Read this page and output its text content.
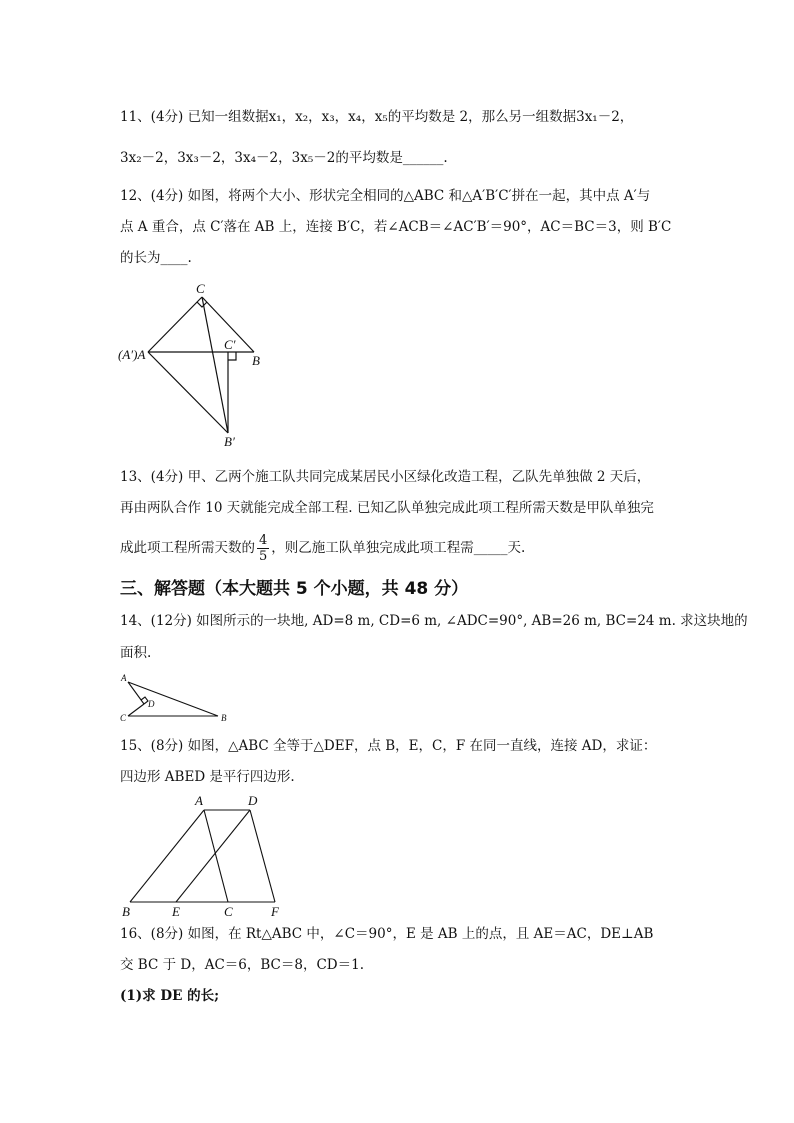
11、(4分) 已知一组数据x₁，x₂，x₃，x₄，x₅的平均数是 2，那么另一组数据3x₁－2，
3x₂－2，3x₃－2，3x₄－2，3x₅－2的平均数是______.
12、(4分) 如图，将两个大小、形状完全相同的△ABC 和△A′B′C′拼在一起，其中点 A′与
点 A 重合，点 C′落在 AB 上，连接 B′C，若∠ACB＝∠AC′B′＝90°，AC＝BC＝3，则 B′C
的长为____.
C
(A′)A	B
C′
B′
13、(4分) 甲、乙两个施工队共同完成某居民小区绿化改造工程，乙队先单独做 2 天后，
再由两队合作 10 天就能完成全部工程. 已知乙队单独完成此项工程所需天数是甲队单独完
成此项工程所需天数的 $\frac{4}{5}$ ，则乙施工队单独完成此项工程需_____天.
三、解答题（本大题共 5 个小题，共 48 分）
14、(12分) 如图所示的一块地, AD=8 m, CD=6 m, ∠ADC=90°, AB=26 m, BC=24 m. 求这块地的
面积.
A
D
C	B
15、(8分) 如图，△ABC 全等于△DEF，点 B，E，C，F 在同一直线，连接 AD，求证：
四边形 ABED 是平行四边形.
A	D
B	E	C	F
16、(8分) 如图，在 Rt△ABC 中，∠C＝90°，E 是 AB 上的点，且 AE＝AC，DE⊥AB
交 BC 于 D，AC＝6，BC＝8，CD＝1.
(1)求 DE 的长;
